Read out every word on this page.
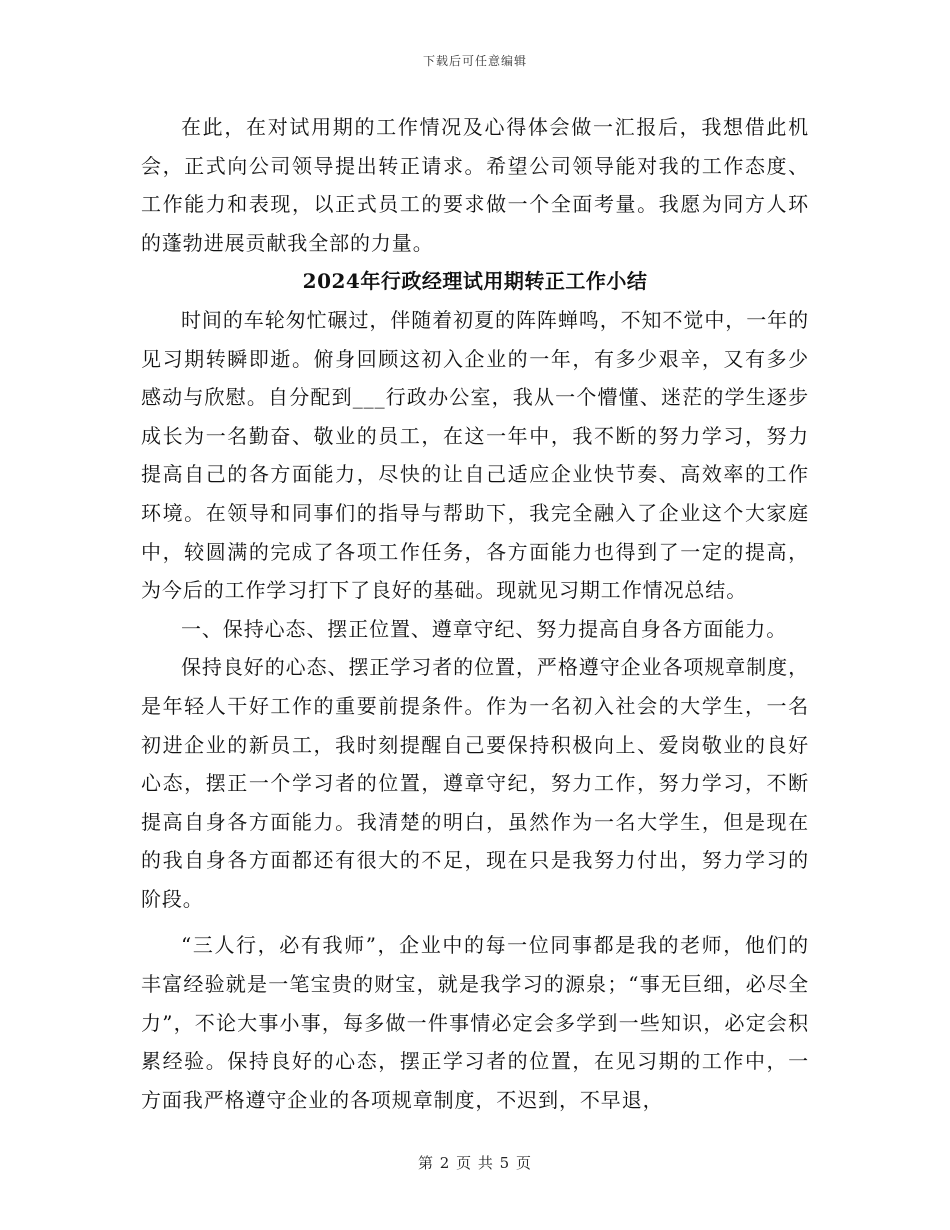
下载后可任意编辑

在此，在对试用期的工作情况及心得体会做一汇报后，我想借此机会，正式向公司领导提出转正请求。希望公司领导能对我的工作态度、工作能力和表现，以正式员工的要求做一个全面考量。我愿为同方人环的蓬勃进展贡献我全部的力量。

2024年行政经理试用期转正工作小结

时间的车轮匆忙碾过，伴随着初夏的阵阵蝉鸣，不知不觉中，一年的见习期转瞬即逝。俯身回顾这初入企业的一年，有多少艰辛，又有多少感动与欣慰。自分配到___行政办公室，我从一个懵懂、迷茫的学生逐步成长为一名勤奋、敬业的员工，在这一年中，我不断的努力学习，努力提高自己的各方面能力，尽快的让自己适应企业快节奏、高效率的工作环境。在领导和同事们的指导与帮助下，我完全融入了企业这个大家庭中，较圆满的完成了各项工作任务，各方面能力也得到了一定的提高，为今后的工作学习打下了良好的基础。现就见习期工作情况总结。

一、保持心态、摆正位置、遵章守纪、努力提高自身各方面能力。

保持良好的心态、摆正学习者的位置，严格遵守企业各项规章制度，是年轻人干好工作的重要前提条件。作为一名初入社会的大学生，一名初进企业的新员工，我时刻提醒自己要保持积极向上、爱岗敬业的良好心态，摆正一个学习者的位置，遵章守纪，努力工作，努力学习，不断提高自身各方面能力。我清楚的明白，虽然作为一名大学生，但是现在的我自身各方面都还有很大的不足，现在只是我努力付出，努力学习的阶段。

“三人行，必有我师”，企业中的每一位同事都是我的老师，他们的丰富经验就是一笔宝贵的财宝，就是我学习的源泉；“事无巨细，必尽全力”，不论大事小事，每多做一件事情必定会多学到一些知识，必定会积累经验。保持良好的心态，摆正学习者的位置，在见习期的工作中，一方面我严格遵守企业的各项规章制度，不迟到，不早退，

第 2 页 共 5 页
